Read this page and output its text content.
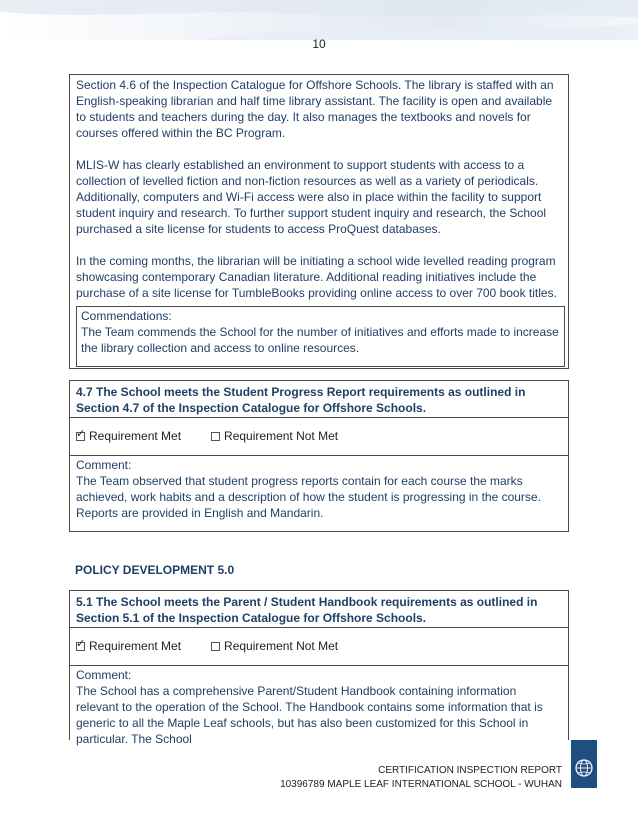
10

Section 4.6 of the Inspection Catalogue for Offshore Schools. The library is staffed with an English-speaking librarian and half time library assistant. The facility is open and available to students and teachers during the day. It also manages the textbooks and novels for courses offered within the BC Program.

MLIS-W has clearly established an environment to support students with access to a collection of levelled fiction and non-fiction resources as well as a variety of periodicals. Additionally, computers and Wi-Fi access were also in place within the facility to support student inquiry and research. To further support student inquiry and research, the School purchased a site license for students to access ProQuest databases.

In the coming months, the librarian will be initiating a school wide levelled reading program showcasing contemporary Canadian literature. Additional reading initiatives include the purchase of a site license for TumbleBooks providing online access to over 700 book titles.

Commendations:

The Team commends the School for the number of initiatives and efforts made to increase the library collection and access to online resources.

4.7 The School meets the Student Progress Report requirements as outlined in Section 4.7 of the Inspection Catalogue for Offshore Schools.

✓ Requirement Met	Requirement Not Met

Comment:

The Team observed that student progress reports contain for each course the marks achieved, work habits and a description of how the student is progressing in the course. Reports are provided in English and Mandarin.

POLICY DEVELOPMENT 5.0

5.1 The School meets the Parent / Student Handbook requirements as outlined in Section 5.1 of the Inspection Catalogue for Offshore Schools.

✓ Requirement Met	Requirement Not Met

Comment:

The School has a comprehensive Parent/Student Handbook containing information relevant to the operation of the School. The Handbook contains some information that is generic to all the Maple Leaf schools, but has also been customized for this School in particular. The School

CERTIFICATION INSPECTION REPORT
10396789 MAPLE LEAF INTERNATIONAL SCHOOL - WUHAN
